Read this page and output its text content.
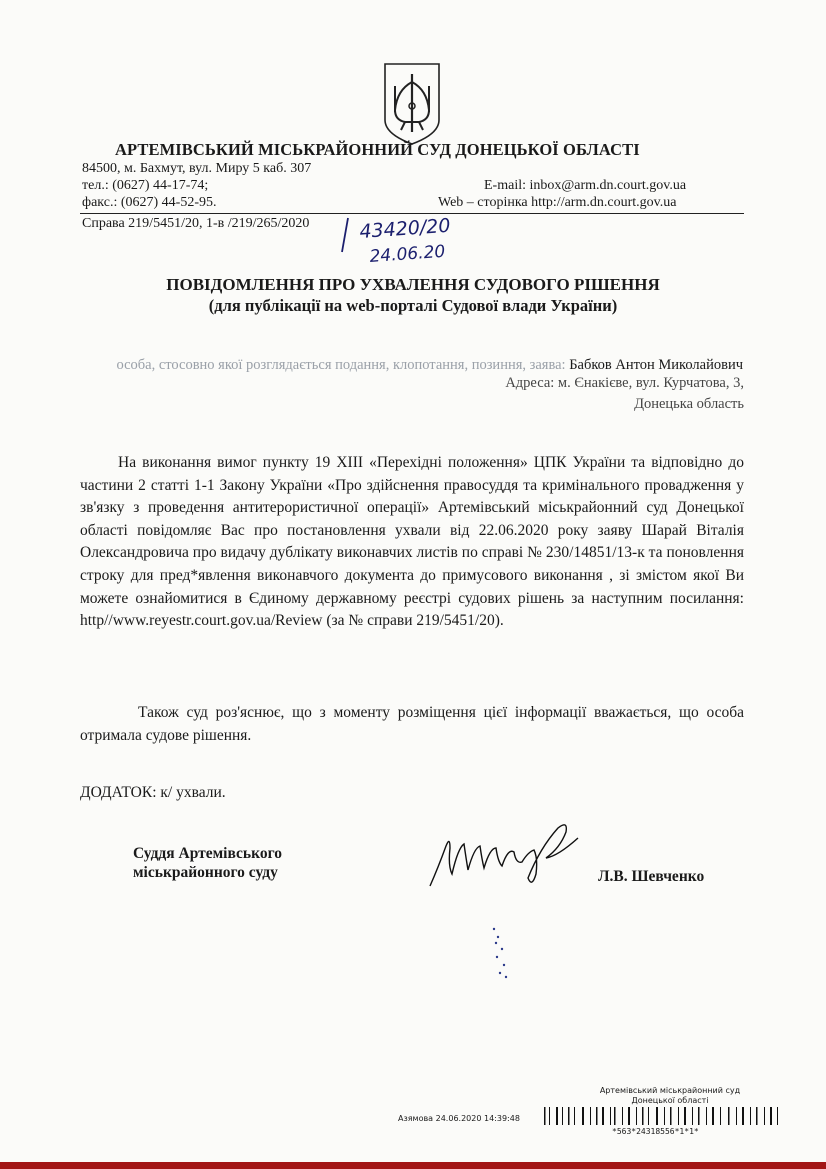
АРТЕМІВСЬКИЙ МІСЬКРАЙОННИЙ СУД ДОНЕЦЬКОЇ ОБЛАСТІ
84500, м. Бахмут, вул. Миру 5 каб. 307
тел.: (0627) 44-17-74;
факс.: (0627) 44-52-95.
E-mail: inbox@arm.dn.court.gov.ua
Web – сторінка http://arm.dn.court.gov.ua
Справа 219/5451/20, 1-в /219/265/2020	43420/20
24.06.20
ПОВІДОМЛЕННЯ ПРО УХВАЛЕННЯ СУДОВОГО РІШЕННЯ
(для публікації на web-порталі Судової влади України)
особа, стосовно якої розглядається подання, клопотання, позиння, заява: Бабков Антон Миколайович
Адреса: м. Єнакієве, вул. Курчатова, 3,
Донецька область
На виконання вимог пункту 19 XIII «Перехідні положення» ЦПК України та відповідно до частини 2 статті 1-1 Закону України «Про здійснення правосуддя та кримінального провадження у зв'язку з проведення антитерористичної операції» Артемівський міськрайонний суд Донецької області повідомляє Вас про постановлення ухвали від 22.06.2020 року заяву Шарай Віталія Олександровича про видачу дублікату виконавчих листів по справі № 230/14851/13-к та поновлення строку для пред*явлення виконавчого документа до примусового виконання , зі змістом якої Ви можете ознайомитися в Єдиному державному реєстрі судових рішень за наступним посилання: http//www.reyestr.court.gov.ua/Review (за № справи 219/5451/20).
Також суд роз'яснює, що з моменту розміщення цієї інформації вважається, що особа отримала судове рішення.
ДОДАТОК: к/ ухвали.
Суддя Артемівського
міськрайонного суду	Л.В. Шевченко
Артемівський міськрайонний суд
Донецької області
Азямова 24.06.2020 14:39:48
*563*24318556*1*1*
